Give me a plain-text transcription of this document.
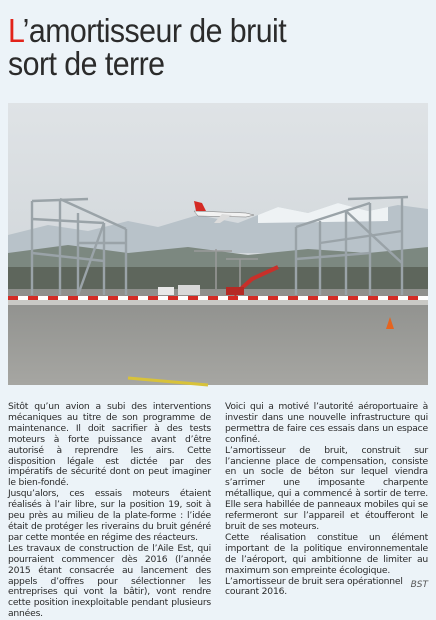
L’amortisseur de bruit
sort de terre

Sitôt qu’un avion a subi des interventions mécaniques au titre de son programme de maintenance. Il doit sacrifier à des tests moteurs à forte puissance avant d’être autorisé à reprendre les airs. Cette disposition légale est dictée par des impératifs de sécurité dont on peut imaginer le bien-fondé.

Jusqu’alors, ces essais moteurs étaient réalisés à l’air libre, sur la position 19, soit à peu près au milieu de la plate-forme : l’idée était de protéger les riverains du bruit généré par cette montée en régime des réacteurs.

Les travaux de construction de l’Aile Est, qui pourraient commencer dès 2016 (l’année 2015 étant consacrée au lancement des appels d’offres pour sélectionner les entreprises qui vont la bâtir), vont rendre cette position inexploitable pendant plusieurs années.

Voici qui a motivé l’autorité aéroportuaire à investir dans une nouvelle infrastructure qui permettra de faire ces essais dans un espace confiné.

L’amortisseur de bruit, construit sur l’ancienne place de compensation, consiste en un socle de béton sur lequel viendra s’arrimer une imposante charpente métallique, qui a commencé à sortir de terre. Elle sera habillée de panneaux mobiles qui se refermeront sur l’appareil et étoufferont le bruit de ses moteurs.

Cette réalisation constitue un élément important de la politique environnementale de l’aéroport, qui ambitionne de limiter au maximum son empreinte écologique.

L’amortisseur de bruit sera opérationnel courant 2016.

BST
